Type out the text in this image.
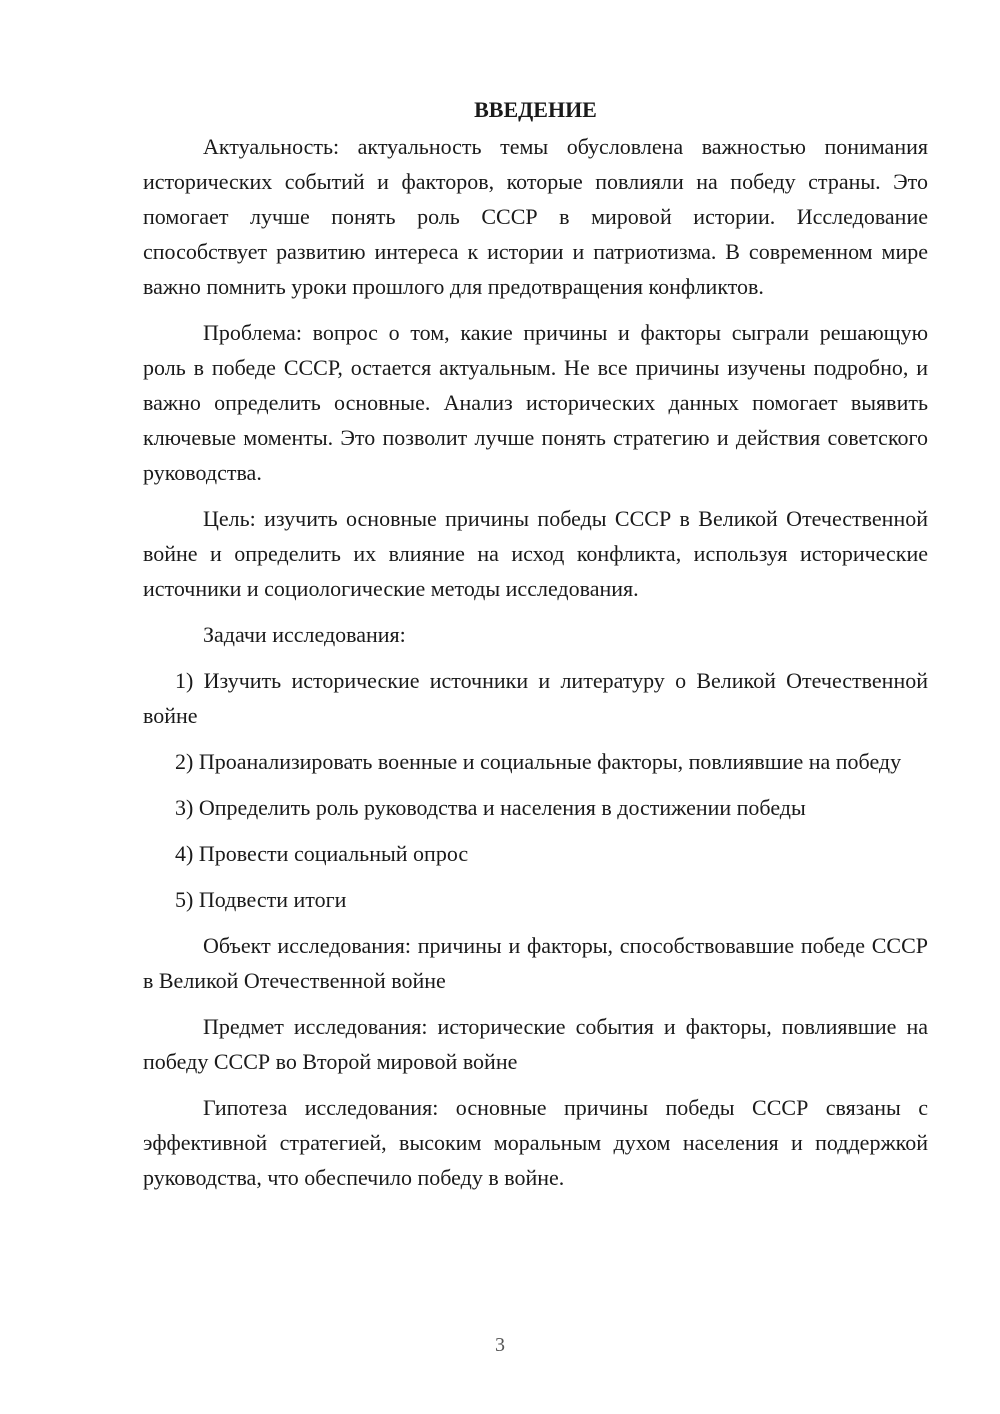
ВВЕДЕНИЕ

Актуальность: актуальность темы обусловлена важностью понимания исторических событий и факторов, которые повлияли на победу страны. Это помогает лучше понять роль СССР в мировой истории. Исследование способствует развитию интереса к истории и патриотизма. В современном мире важно помнить уроки прошлого для предотвращения конфликтов.

Проблема: вопрос о том, какие причины и факторы сыграли решающую роль в победе СССР, остается актуальным. Не все причины изучены подробно, и важно определить основные. Анализ исторических данных помогает выявить ключевые моменты. Это позволит лучше понять стратегию и действия советского руководства.

Цель: изучить основные причины победы СССР в Великой Отечественной войне и определить их влияние на исход конфликта, используя исторические источники и социологические методы исследования.

Задачи исследования:

1) Изучить исторические источники и литературу о Великой Отечественной войне

2) Проанализировать военные и социальные факторы, повлиявшие на победу

3) Определить роль руководства и населения в достижении победы

4) Провести социальный опрос

5) Подвести итоги

Объект исследования: причины и факторы, способствовавшие победе СССР в Великой Отечественной войне

Предмет исследования: исторические события и факторы, повлиявшие на победу СССР во Второй мировой войне

Гипотеза исследования: основные причины победы СССР связаны с эффективной стратегией, высоким моральным духом населения и поддержкой руководства, что обеспечило победу в войне.

3
